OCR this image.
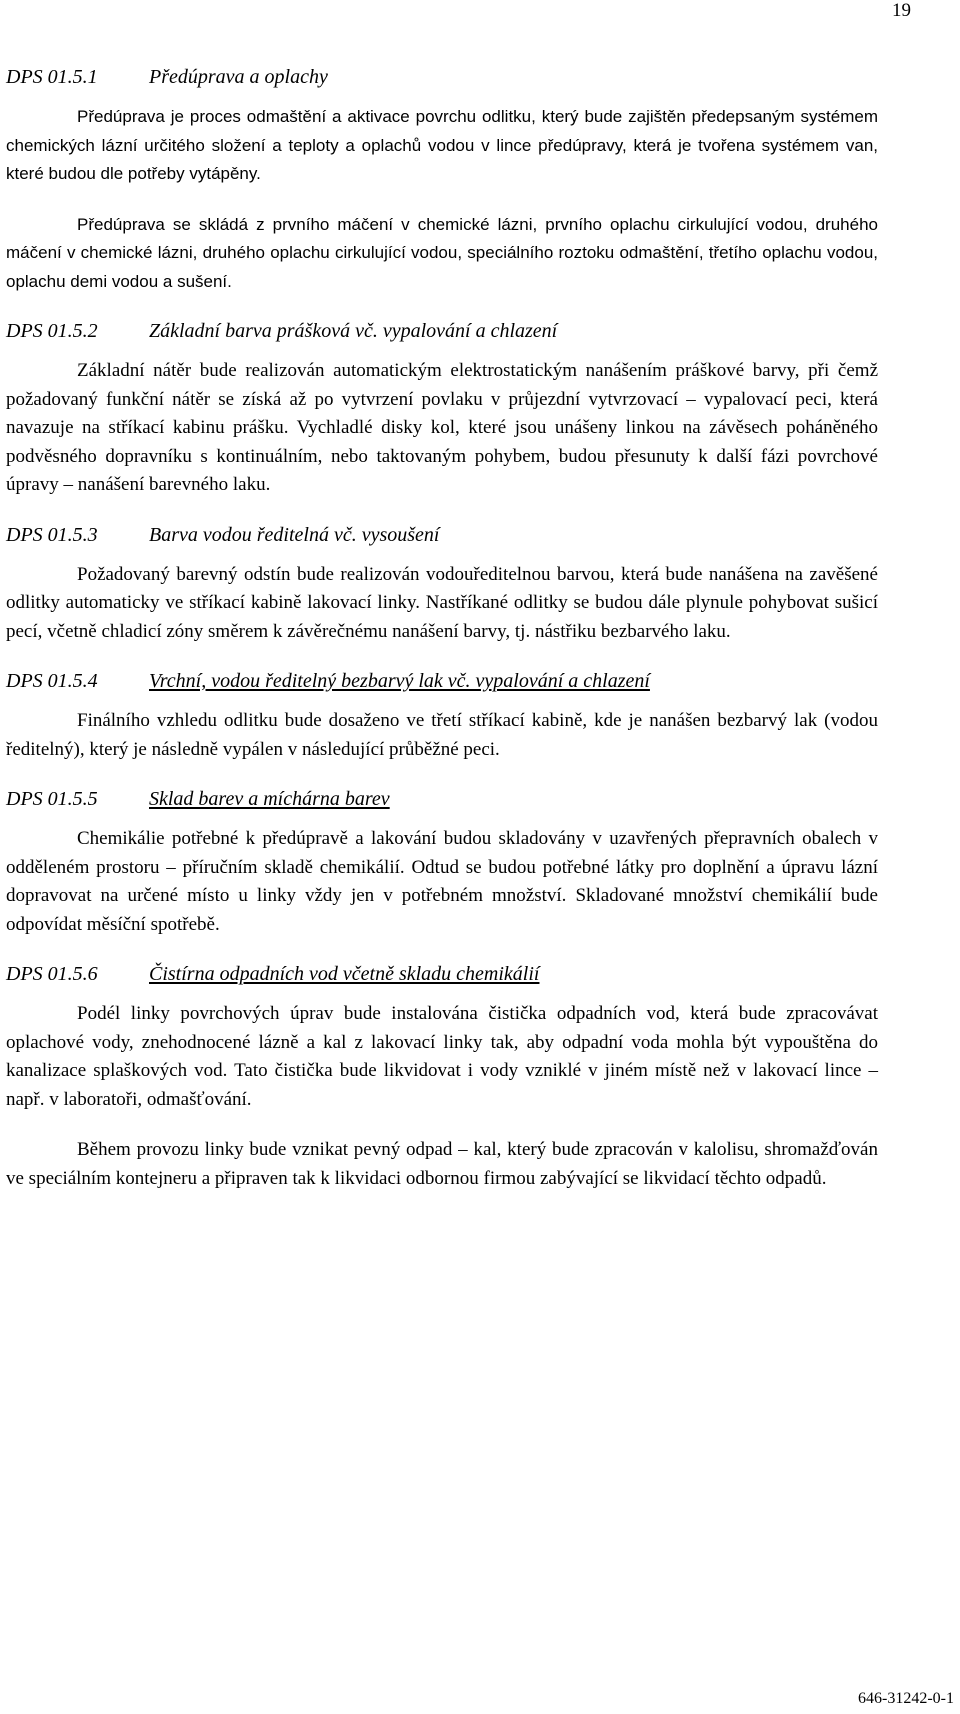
19
DPS 01.5.1	Předúprava a oplachy

Předúprava je proces odmaštění a aktivace povrchu odlitku, který bude zajištěn předepsaným systémem chemických lázní určitého složení a teploty a oplachů vodou v lince předúpravy, která je tvořena systémem van, které budou dle potřeby vytápěny.

Předúprava se skládá z prvního máčení v chemické lázni, prvního oplachu cirkulující vodou, druhého máčení v chemické lázni, druhého oplachu cirkulující vodou, speciálního roztoku odmaštění, třetího oplachu vodou, oplachu demi vodou a sušení.

DPS 01.5.2	Základní barva prášková vč. vypalování a chlazení

Základní nátěr bude realizován automatickým elektrostatickým nanášením práškové barvy, při čemž požadovaný funkční nátěr se získá až po vytvrzení povlaku v průjezdní vytvrzovací – vypalovací peci, která navazuje na stříkací kabinu prášku. Vychladlé disky kol, které jsou unášeny linkou na závěsech poháněného podvěsného dopravníku s kontinuálním, nebo taktovaným pohybem, budou přesunuty k další fázi povrchové úpravy – nanášení barevného laku.

DPS 01.5.3	Barva vodou ředitelná vč. vysoušení

Požadovaný barevný odstín bude realizován vodouředitelnou barvou, která bude nanášena na zavěšené odlitky automaticky ve stříkací kabině lakovací linky. Nastříkané odlitky se budou dále plynule pohybovat sušicí pecí, včetně chladicí zóny směrem k závěrečnému nanášení barvy, tj. nástřiku bezbarvého laku.

DPS 01.5.4	Vrchní, vodou ředitelný bezbarvý lak vč. vypalování a chlazení

Finálního vzhledu odlitku bude dosaženo ve třetí stříkací kabině, kde je nanášen bezbarvý lak (vodou ředitelný), který je následně vypálen v následující průběžné peci.

DPS 01.5.5	Sklad barev a míchárna barev

Chemikálie potřebné k předúpravě a lakování budou skladovány v uzavřených přepravních obalech v odděleném prostoru – příručním skladě chemikálií. Odtud se budou potřebné látky pro doplnění a úpravu lázní dopravovat na určené místo u linky vždy jen v potřebném množství. Skladované množství chemikálií bude odpovídat měsíční spotřebě.

DPS 01.5.6	Čistírna odpadních vod včetně skladu chemikálií

Podél linky povrchových úprav bude instalována čistička odpadních vod, která bude zpracovávat oplachové vody, znehodnocené lázně a kal z lakovací linky tak, aby odpadní voda mohla být vypouštěna do kanalizace splaškových vod. Tato čistička bude likvidovat i vody vzniklé v jiném místě než v lakovací lince – např. v laboratoři, odmašťování.

Během provozu linky bude vznikat pevný odpad – kal, který bude zpracován v kalolisu, shromažďován ve speciálním kontejneru a připraven tak k likvidaci odbornou firmou zabývající se likvidací těchto odpadů.

646-31242-0-1
